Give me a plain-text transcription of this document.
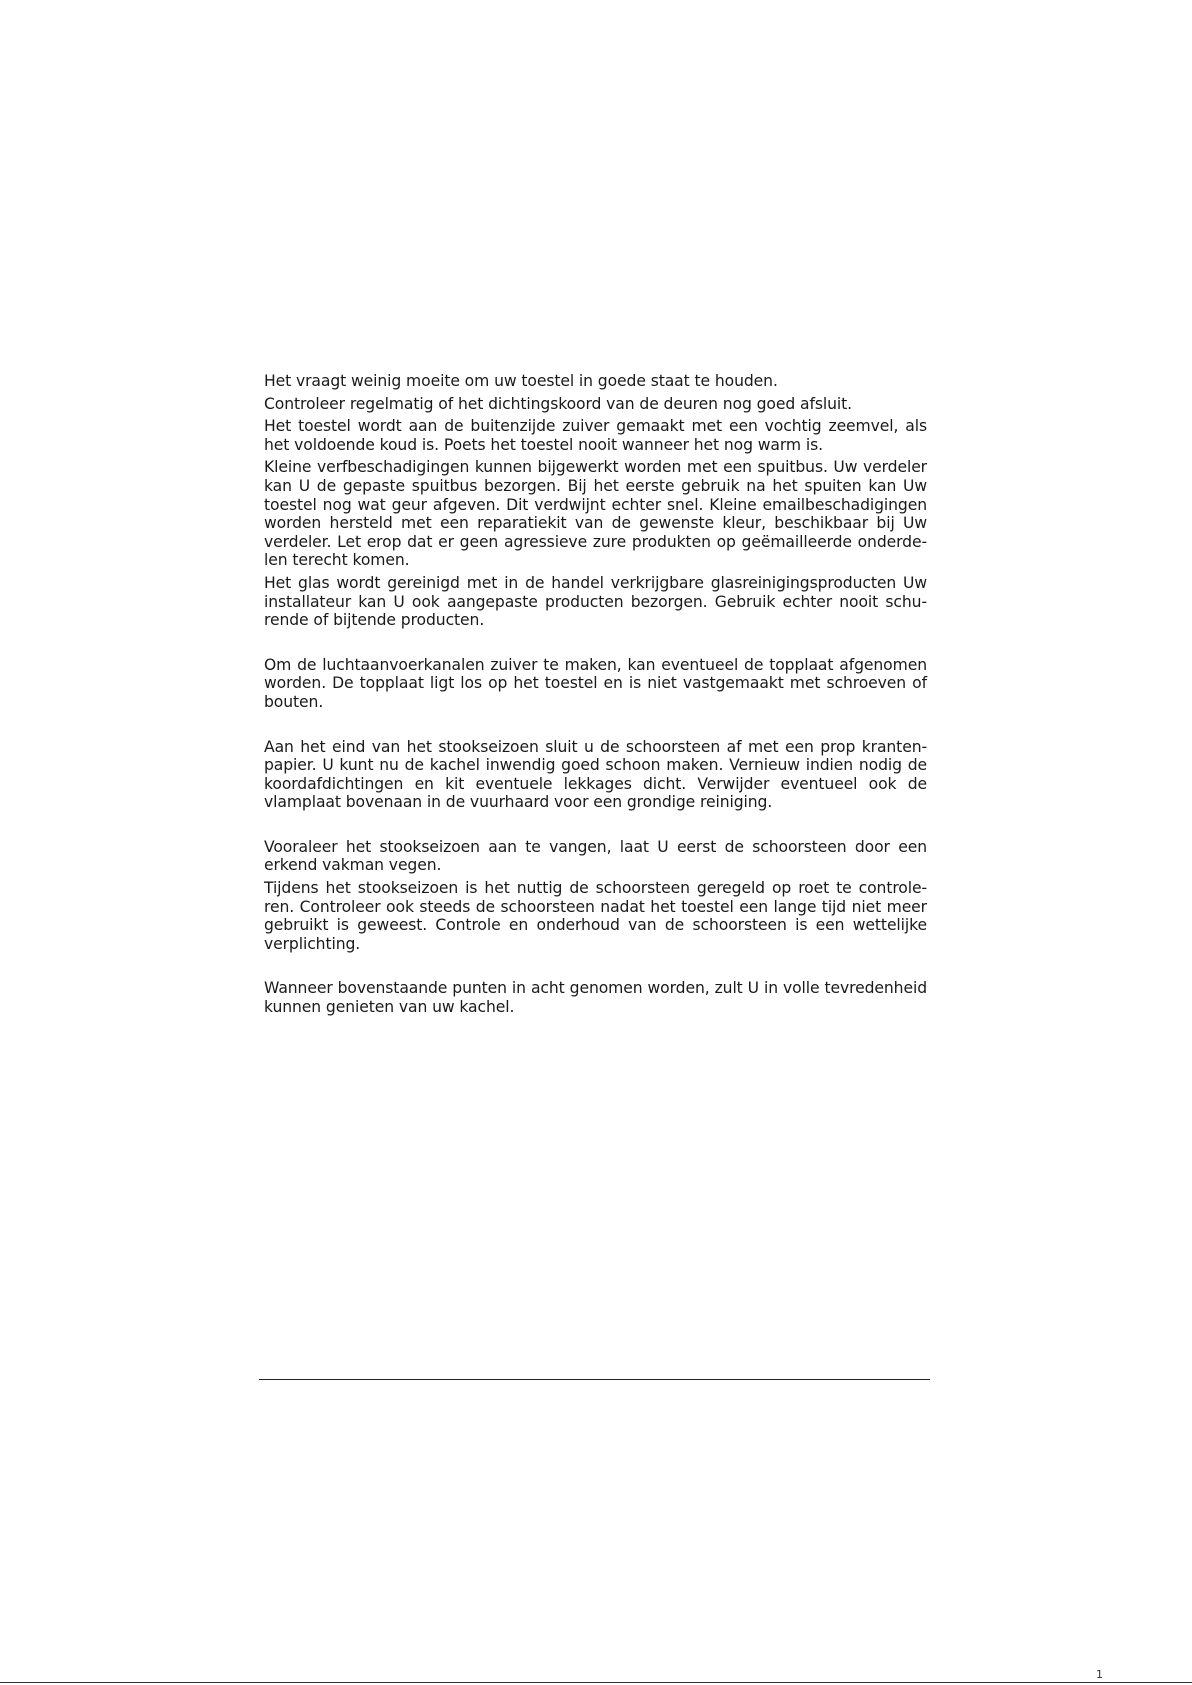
Het vraagt weinig moeite om uw toestel in goede staat te houden.

Controleer regelmatig of het dichtingskoord van de deuren nog goed afsluit.

Het toestel wordt aan de buitenzijde zuiver gemaakt met een vochtig zeemvel, als het voldoende koud is. Poets het toestel nooit wanneer het nog warm is.

Kleine verfbeschadigingen kunnen bijgewerkt worden met een spuitbus. Uw verdeler kan U de gepaste spuitbus bezorgen. Bij het eerste gebruik na het spuiten kan Uw toestel nog wat geur afgeven. Dit verdwijnt echter snel. Kleine emailbeschadigingen worden hersteld met een reparatiekit van de gewenste kleur, beschikbaar bij Uw verdeler. Let erop dat er geen agressieve zure produkten op geëmailleerde onderde- len terecht komen.

Het glas wordt gereinigd met in de handel verkrijgbare glasreinigingsproducten Uw installateur kan U ook aangepaste producten bezorgen. Gebruik echter nooit schu- rende of bijtende producten.

Om de luchtaanvoerkanalen zuiver te maken, kan eventueel de topplaat afgenomen worden. De topplaat ligt los op het toestel en is niet vastgemaakt met schroeven of bouten.

Aan het eind van het stookseizoen sluit u de schoorsteen af met een prop kranten- papier. U kunt nu de kachel inwendig goed schoon maken. Vernieuw indien nodig de koordafdichtingen en kit eventuele lekkages dicht. Verwijder eventueel ook de vlamplaat bovenaan in de vuurhaard voor een grondige reiniging.

Vooraleer het stookseizoen aan te vangen, laat U eerst de schoorsteen door een erkend vakman vegen.

Tijdens het stookseizoen is het nuttig de schoorsteen geregeld op roet te controle- ren. Controleer ook steeds de schoorsteen nadat het toestel een lange tijd niet meer gebruikt is geweest. Controle en onderhoud van de schoorsteen is een wettelijke verplichting.

Wanneer bovenstaande punten in acht genomen worden, zult U in volle tevredenheid kunnen genieten van uw kachel.

1
